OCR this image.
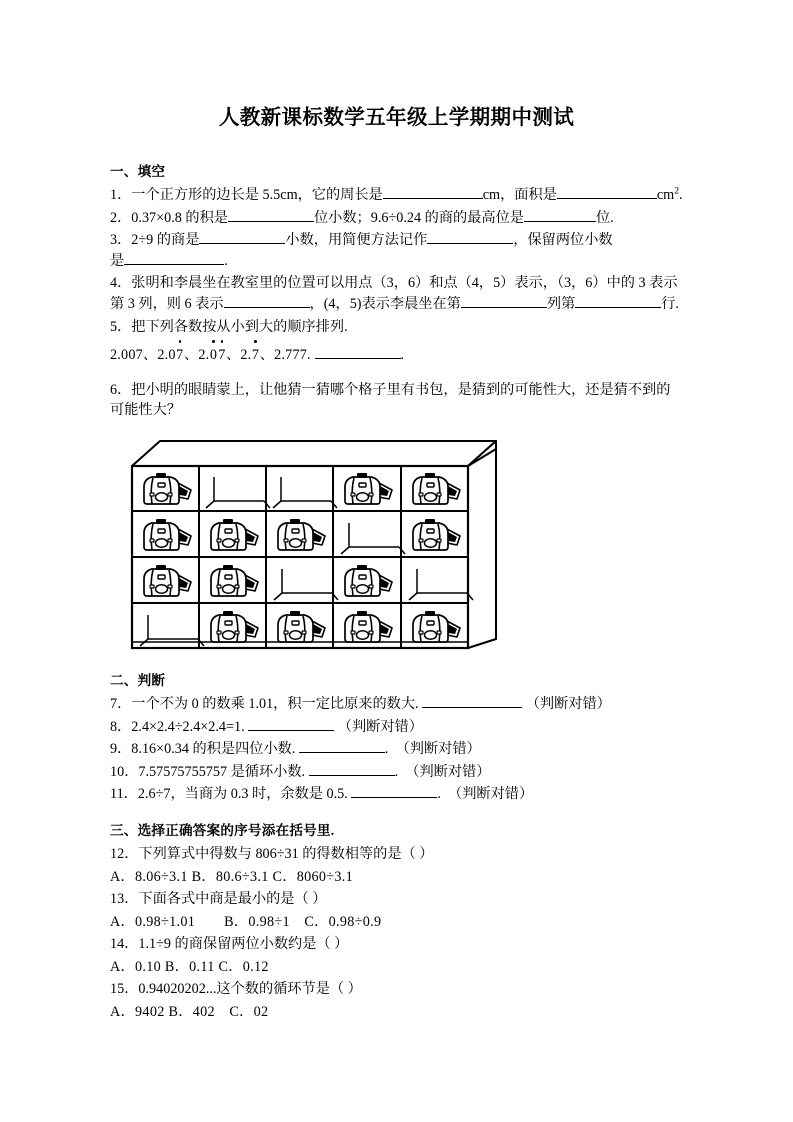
人教新课标数学五年级上学期期中测试
一、填空

1．一个正方形的边长是 5.5cm，它的周长是	cm，面积是	$cm^2$.

2．0.37×0.8 的积是	位小数；9.6÷0.24 的商的最高位是	位.

3．2÷9 的商是	小数，用简便方法记作	，保留两位小数

是	.

4．张明和李晨坐在教室里的位置可以用点（3，6）和点（4，5）表示，（3，6）中的 3 表示

第 3 列，则 6 表示	，(4，5)表示李晨坐在第	列第	行.

5．把下列各数按从小到大的顺序排列.

2.007、2.07、2.07、2.7、2.777.	.

6．把小明的眼睛蒙上，让他猜一猜哪个格子里有书包，是猜到的可能性大，还是猜不到的

可能性大？

二、判断

7．一个不为 0 的数乘 1.01，积一定比原来的数大.	（判断对错）

8．2.4×2.4÷2.4×2.4=1.	（判断对错）

9．8.16×0.34 的积是四位小数.	. （判断对错）

10．7.57575755757 是循环小数.	. （判断对错）

11．2.6÷7，当商为 0.3 时，余数是 0.5.	. （判断对错）

三、选择正确答案的序号添在括号里.

12．下列算式中得数与 806÷31 的得数相等的是（ ）

A．8.06÷3.1 B．80.6÷3.1 C．8060÷3.1

13．下面各式中商是最小的是（ ）

A．0.98÷1.01　　B．0.98÷1　C．0.98÷0.9

14．1.1÷9 的商保留两位小数约是（ ）

A．0.10 B．0.11 C．0.12

15．0.94020202...这个数的循环节是（ ）

A．9402 B．402　C．02
